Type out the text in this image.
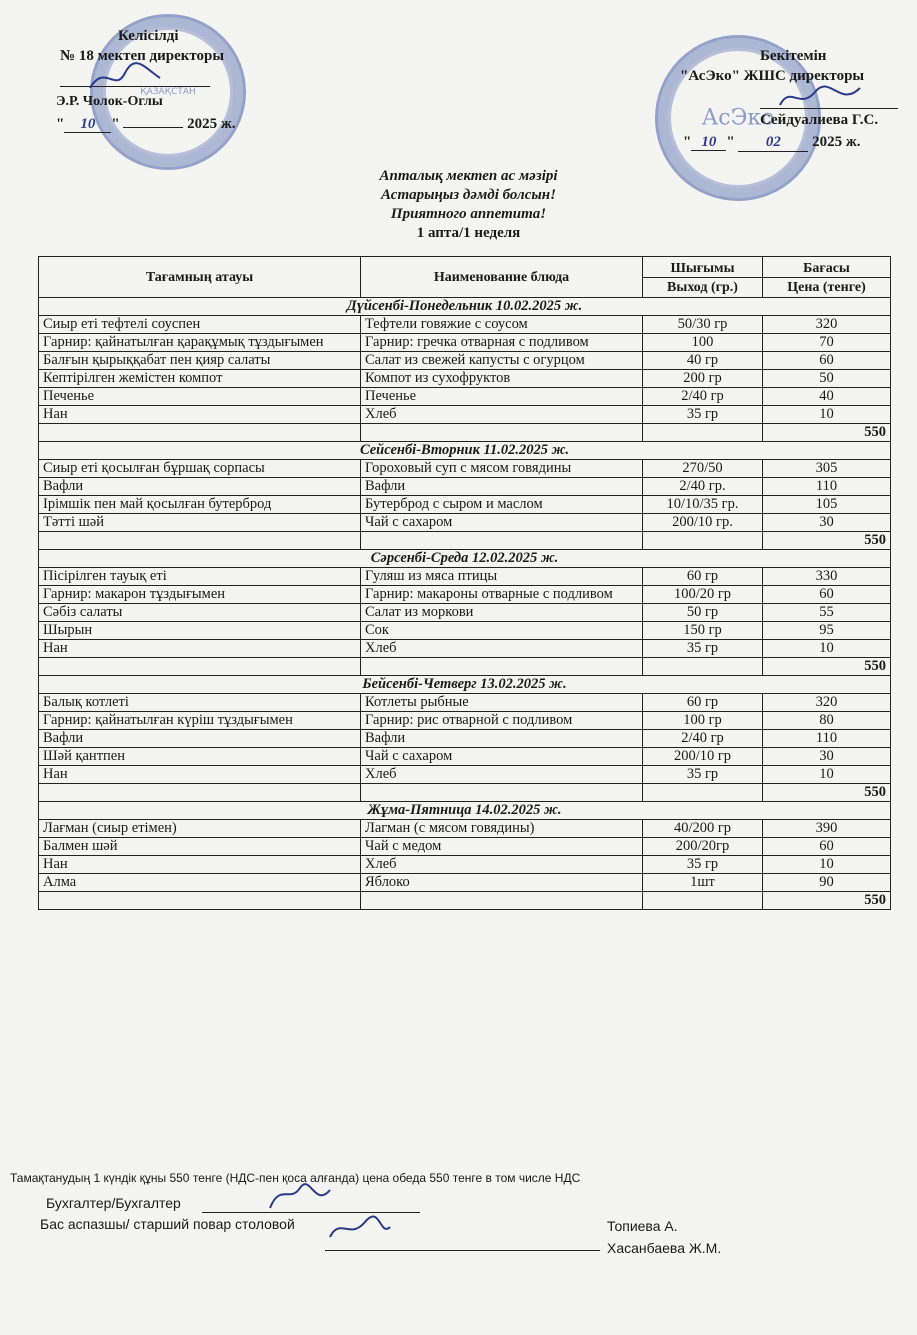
ҚАЗАҚСТАН
Келісілді
№ 18 мектеп директоры
Э.Р. Чолок-Оглы
" 10 "	2025 ж.	АсЭко
Бекітемін
"АсЭко" ЖШС директоры
Сейдуалиева Г.С.
" 10 " 02 2025 ж.
Апталық мектеп ас мәзірі
Астарыңыз дәмді болсын!
Приятного аппетита!
1 апта/1 неделя
Тағамның атауы	Наименование блюда	Шығымы	Бағасы
		Выход (гр.)	Цена (тенге)
Дүйсенбі-Понедельник 10.02.2025 ж.			
Сиыр еті тефтелі соуспен	Тефтели говяжие с соусом	50/30 гр	320
Гарнир: қайнатылған қарақұмық тұздығымен	Гарнир: гречка отварная с подливом	100	70
Балғын қырыққабат пен қияр салаты	Салат из свежей капусты с огурцом	40 гр	60
Кептірілген жемістен компот	Компот из сухофруктов	200 гр	50
Печенье	Печенье	2/40 гр	40
Нан	Хлеб	35 гр	10
			550
Сейсенбі-Вторник 11.02.2025 ж.			
Сиыр еті қосылған бұршақ сорпасы	Гороховый суп с мясом говядины	270/50	305
Вафли	Вафли	2/40 гр.	110
Ірімшік пен май қосылған бутерброд	Бутерброд с сыром и маслом	10/10/35 гр.	105
Тәтті шәй	Чай с сахаром	200/10 гр.	30
			550
Сәрсенбі-Среда 12.02.2025 ж.			
Пісірілген тауық еті	Гуляш из мяса птицы	60 гр	330
Гарнир: макарон тұздығымен	Гарнир: макароны отварные с подливом	100/20 гр	60
Сәбіз салаты	Салат из моркови	50 гр	55
Шырын	Сок	150 гр	95
Нан	Хлеб	35 гр	10
			550
Бейсенбі-Четверг 13.02.2025 ж.			
Балық котлеті	Котлеты рыбные	60 гр	320
Гарнир: қайнатылған күріш тұздығымен	Гарнир: рис отварной с подливом	100 гр	80
Вафли	Вафли	2/40 гр	110
Шәй қантпен	Чай с сахаром	200/10 гр	30
Нан	Хлеб	35 гр	10
			550
Жұма-Пятница 14.02.2025 ж.			
Лағман (сиыр етімен)	Лагман (с мясом говядины)	40/200 гр	390
Балмен шәй	Чай с медом	200/20гр	60
Нан	Хлеб	35 гр	10
Алма	Яблоко	1шт	90
			550
Тамақтанудың 1 күндік құны 550 тенге (НДС-пен қоса алғанда) цена обеда 550 тенге в том числе НДС
Бухгалтер/Бухгалтер
Бас аспазшы/ старший повар столовой	Топиева А.
Хасанбаева Ж.М.
